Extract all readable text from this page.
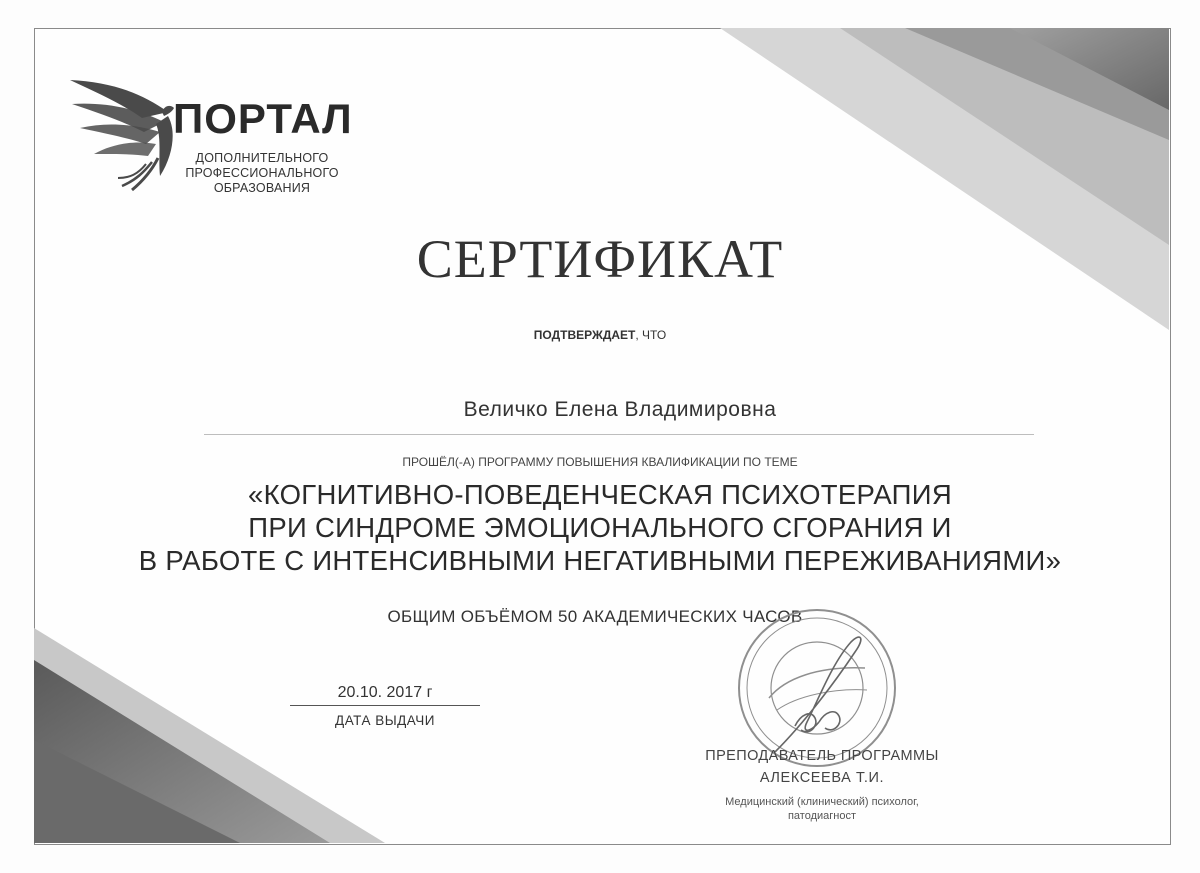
ПОРТАЛ
ДОПОЛНИТЕЛЬНОГО
ПРОФЕССИОНАЛЬНОГО
ОБРАЗОВАНИЯ
СЕРТИФИКАТ
ПОДТВЕРЖДАЕТ, ЧТО
Величко Елена Владимировна
ПРОШЁЛ(-А) ПРОГРАММУ ПОВЫШЕНИЯ КВАЛИФИКАЦИИ ПО ТЕМЕ
«КОГНИТИВНО-ПОВЕДЕНЧЕСКАЯ ПСИХОТЕРАПИЯ
ПРИ СИНДРОМЕ ЭМОЦИОНАЛЬНОГО СГОРАНИЯ И
В РАБОТЕ С ИНТЕНСИВНЫМИ НЕГАТИВНЫМИ ПЕРЕЖИВАНИЯМИ»
ОБЩИМ ОБЪЁМОМ 50 АКАДЕМИЧЕСКИХ ЧАСОВ
20.10. 2017 г
ДАТА ВЫДАЧИ
ПРЕПОДАВАТЕЛЬ ПРОГРАММЫ
АЛЕКСЕЕВА Т.И.
Медицинский (клинический) психолог,
патодиагност
